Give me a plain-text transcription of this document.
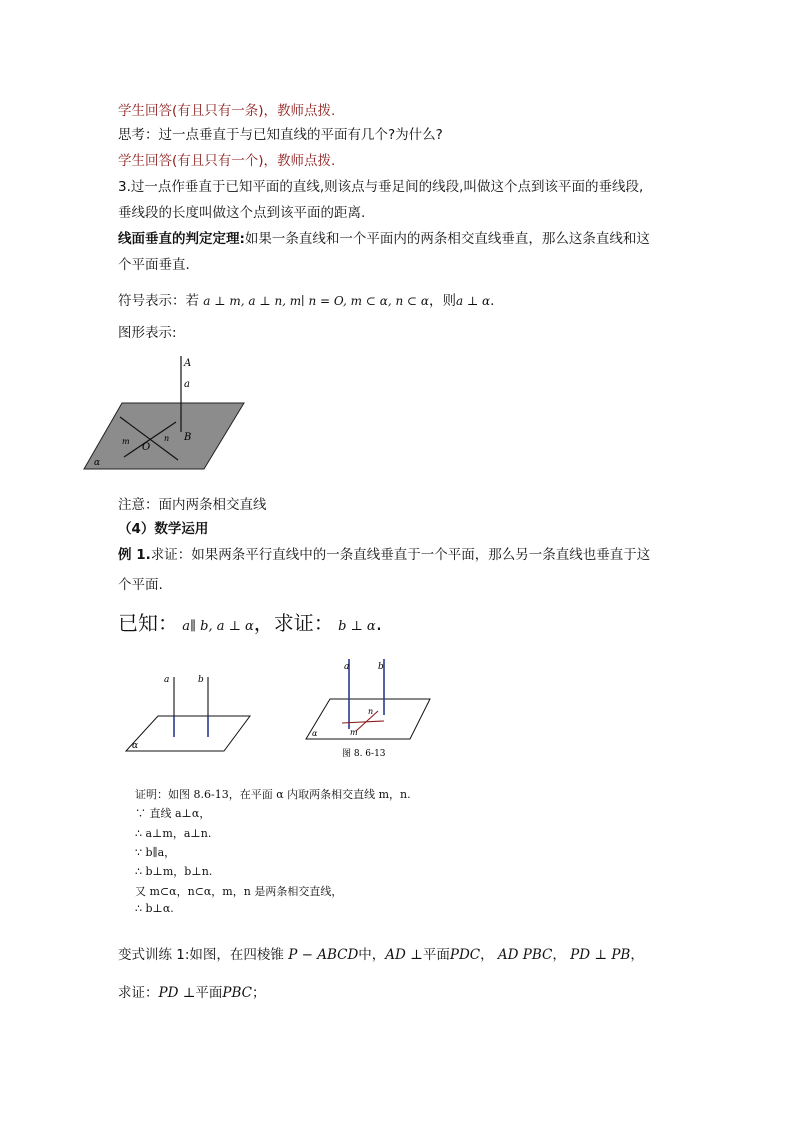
学生回答(有且只有一条)，教师点拨.
思考：过一点垂直于与已知直线的平面有几个?为什么?
学生回答(有且只有一个)，教师点拨.
3.过一点作垂直于已知平面的直线,则该点与垂足间的线段,叫做这个点到该平面的垂线段,
垂线段的长度叫做这个点到该平面的距离.
线面垂直的判定定理:如果一条直线和一个平面内的两条相交直线垂直，那么这条直线和这
个平面垂直.
符号表示：若 a ⊥ m, a ⊥ n, m∣ n = O, m ⊂ α, n ⊂ α，则a ⊥ α.
图形表示:
A
a
B
O
m	n
α
注意：面内两条相交直线
（4）数学运用
例 1.求证：如果两条平行直线中的一条直线垂直于一个平面，那么另一条直线也垂直于这
个平面.
已知： a∥ b, a ⊥ α，求证： b ⊥ α.
a	b
α
a	b
n
m
α
图 8. 6-13
证明：如图 8.6-13，在平面 α 内取两条相交直线 m，n.
∵ 直线 a⊥α，
∴ a⊥m，a⊥n.
∵ b∥a，
∴ b⊥m，b⊥n.
又 m⊂α，n⊂α，m，n 是两条相交直线，
∴ b⊥α.
变式训练 1:如图，在四棱锥 P − ABCD中，AD ⊥平面PDC， AD PBC， PD ⊥ PB，
求证：PD ⊥平面PBC；
